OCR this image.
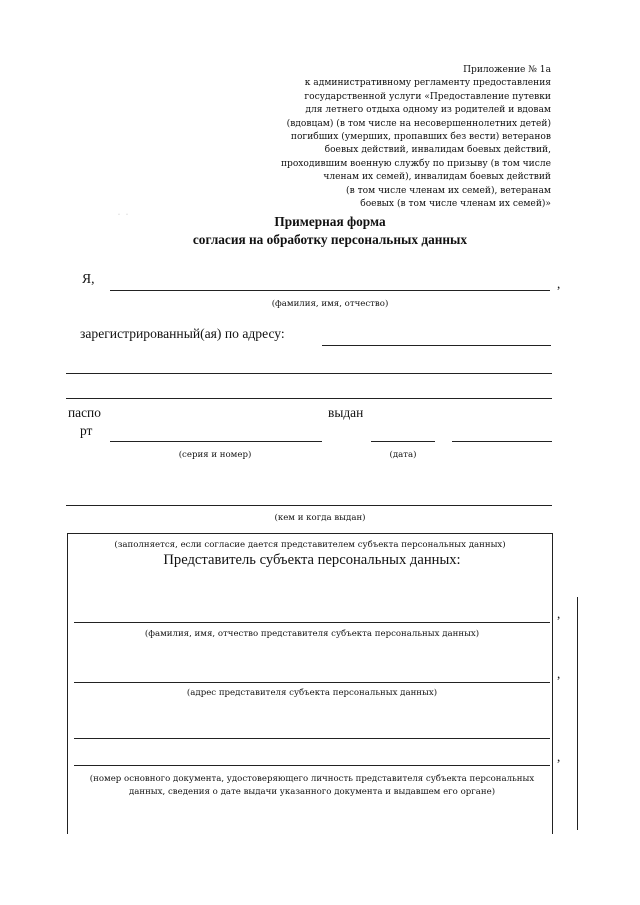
Приложение № 1а
к административному регламенту предоставления
государственной услуги «Предоставление путевки
для летнего отдыха одному из родителей и вдовам
(вдовцам) (в том числе на несовершеннолетних детей)
погибших (умерших, пропавших без вести) ветеранов
боевых действий, инвалидам боевых действий,
проходившим военную службу по призыву (в том числе
членам их семей), инвалидам боевых действий
(в том числе членам их семей), ветеранам
боевых (в том числе членам их семей)»
· ·	Примерная форма
согласия на обработку персональных данных
Я,	,
(фамилия, имя, отчество)
зарегистрированный(ая) по адресу:
паспо
рт
выдан
(серия и номер)	(дата)
(кем и когда выдан)
(заполняется, если согласие дается представителем субъекта персональных данных)
Представитель субъекта персональных данных:
,
(фамилия, имя, отчество представителя субъекта персональных данных)
,
(адрес представителя субъекта персональных данных)
,
(номер основного документа, удостоверяющего личность представителя субъекта персональных данных, сведения о дате выдачи указанного документа и выдавшем его органе)
